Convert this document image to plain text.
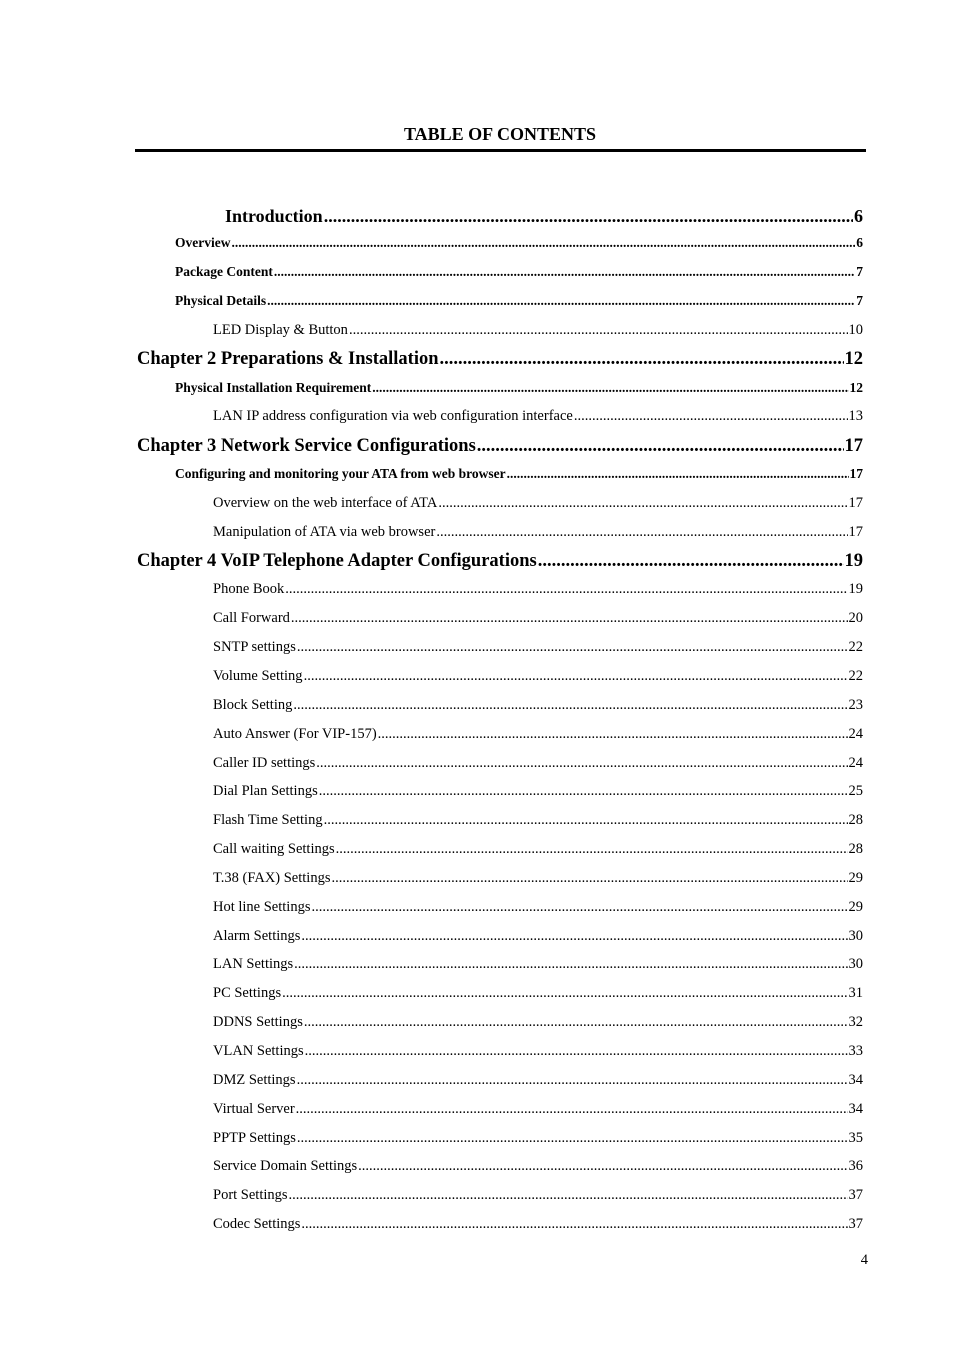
TABLE OF CONTENTS
Introduction .....	6
Overview .....	6
Package Content .....	7
Physical Details .....	7
LED Display & Button .....	10
Chapter 2 Preparations & Installation .....	12
Physical Installation Requirement .....	12
LAN IP address configuration via web configuration interface .....	13
Chapter 3 Network Service Configurations .....	17
Configuring and monitoring your ATA from web browser .....	17
Overview on the web interface of ATA .....	17
Manipulation of ATA via web browser .....	17
Chapter 4 VoIP Telephone Adapter Configurations .....	19
Phone Book .....	19
Call Forward .....	20
SNTP settings .....	22
Volume Setting .....	22
Block Setting .....	23
Auto Answer (For VIP-157) .....	24
Caller ID settings .....	24
Dial Plan Settings .....	25
Flash Time Setting .....	28
Call waiting Settings .....	28
T.38 (FAX) Settings .....	29
Hot line Settings .....	29
Alarm Settings .....	30
LAN Settings .....	30
PC Settings .....	31
DDNS Settings .....	32
VLAN Settings .....	33
DMZ Settings .....	34
Virtual Server .....	34
PPTP Settings .....	35
Service Domain Settings .....	36
Port Settings .....	37
Codec Settings .....	37
4
